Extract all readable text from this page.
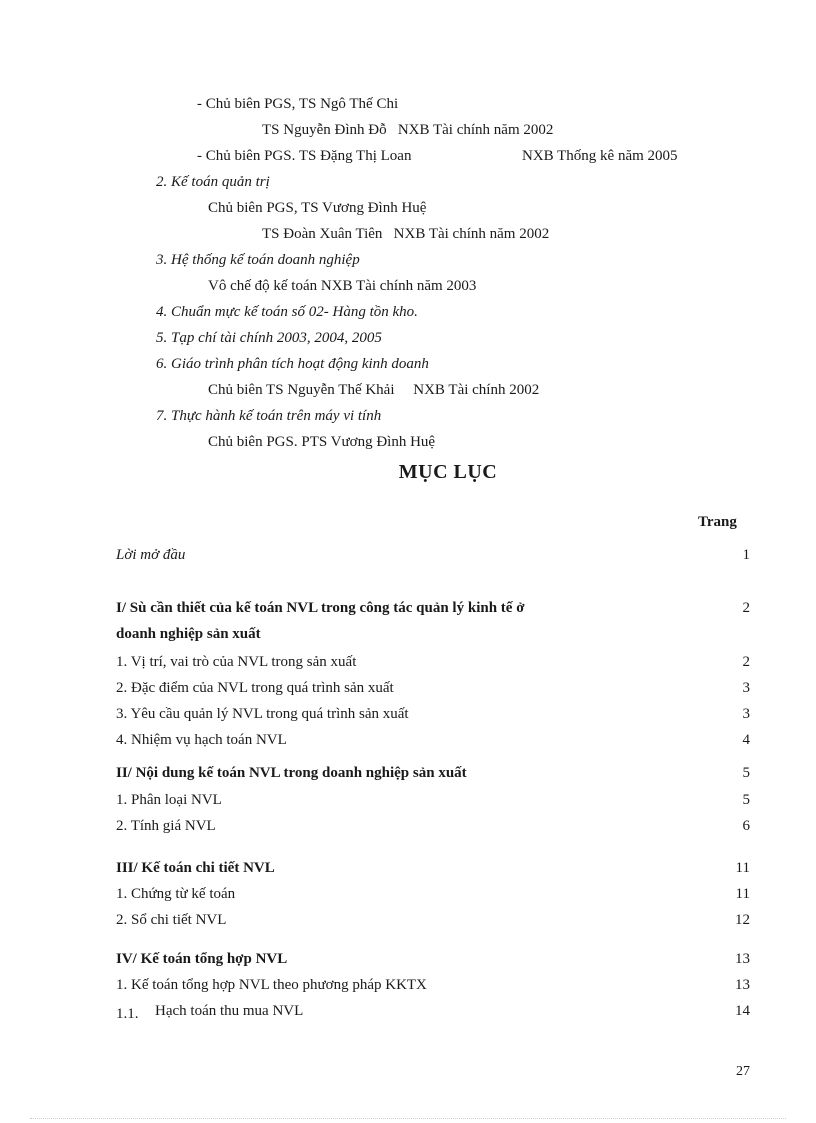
- Chủ biên PGS, TS Ngô Thế Chi
TS Nguyễn Đình Đỗ   NXB Tài chính năm 2002
- Chủ biên PGS. TS Đặng Thị Loan	NXB Thống kê năm 2005
2. Kế toán quản trị
Chủ biên PGS, TS Vương Đình Huệ
TS Đoàn Xuân Tiên   NXB Tài chính năm 2002
3. Hệ thống kế toán doanh nghiệp
Vô chế độ kế toán NXB Tài chính năm 2003
4. Chuẩn mực kế toán số 02- Hàng tồn kho.
5. Tạp chí tài chính 2003, 2004, 2005
6. Giáo trình phân tích hoạt động kinh doanh
Chủ biên TS Nguyễn Thế Khải     NXB Tài chính 2002
7. Thực hành kế toán trên máy vi tính
Chủ biên PGS. PTS Vương Đình Huệ
MỤC LỤC
Trang
Lời mở đầu	1
I/ Sù cần thiết của kế toán NVL trong công tác quản lý kinh tế ở	2
doanh nghiệp sản xuất
1. Vị trí, vai trò của NVL trong sản xuất	2
2. Đặc điểm của NVL trong quá trình sản xuất	3
3. Yêu cầu quản lý NVL trong quá trình sản xuất	3
4. Nhiệm vụ hạch toán NVL	4
II/ Nội dung kế toán NVL trong doanh nghiệp sản xuất	5
1. Phân loại NVL	5
2. Tính giá NVL	6
III/ Kế toán chi tiết NVL	11
1. Chứng từ kế toán	11
2. Sổ chi tiết NVL	12
IV/ Kế toán tổng hợp NVL	13
1. Kế toán tổng hợp NVL theo phương pháp KKTX	13
1.1. Hạch toán thu mua NVL	14
27
